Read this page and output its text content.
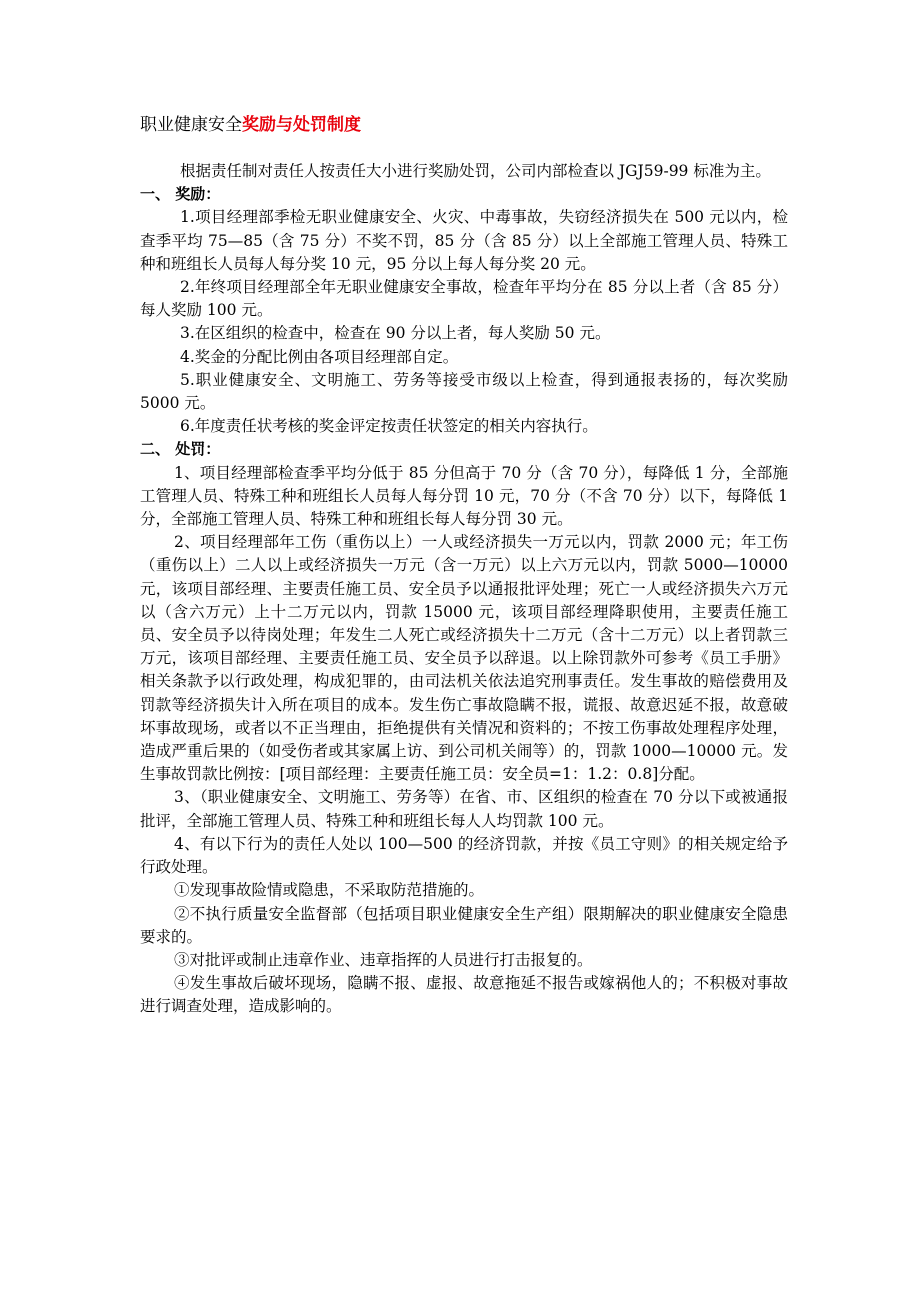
职业健康安全奖励与处罚制度

根据责任制对责任人按责任大小进行奖励处罚，公司内部检查以 JGJ59-99 标准为主。

一、 奖励：

1.项目经理部季检无职业健康安全、火灾、中毒事故，失窃经济损失在 500 元以内，检查季平均 75—85（含 75 分）不奖不罚，85 分（含 85 分）以上全部施工管理人员、特殊工种和班组长人员每人每分奖 10 元，95 分以上每人每分奖 20 元。

2.年终项目经理部全年无职业健康安全事故，检查年平均分在 85 分以上者（含 85 分）每人奖励 100 元。

3.在区组织的检查中，检查在 90 分以上者，每人奖励 50 元。

4.奖金的分配比例由各项目经理部自定。

5.职业健康安全、文明施工、劳务等接受市级以上检查，得到通报表扬的，每次奖励 5000 元。

6.年度责任状考核的奖金评定按责任状签定的相关内容执行。

二、 处罚：

1、项目经理部检查季平均分低于 85 分但高于 70 分（含 70 分），每降低 1 分，全部施工管理人员、特殊工种和班组长人员每人每分罚 10 元，70 分（不含 70 分）以下，每降低 1 分，全部施工管理人员、特殊工种和班组长每人每分罚 30 元。

2、项目经理部年工伤（重伤以上）一人或经济损失一万元以内，罚款 2000 元；年工伤（重伤以上）二人以上或经济损失一万元（含一万元）以上六万元以内，罚款 5000—10000 元，该项目部经理、主要责任施工员、安全员予以通报批评处理；死亡一人或经济损失六万元以（含六万元）上十二万元以内，罚款 15000 元，该项目部经理降职使用，主要责任施工员、安全员予以待岗处理；年发生二人死亡或经济损失十二万元（含十二万元）以上者罚款三万元，该项目部经理、主要责任施工员、安全员予以辞退。以上除罚款外可参考《员工手册》相关条款予以行政处理，构成犯罪的，由司法机关依法追究刑事责任。发生事故的赔偿费用及罚款等经济损失计入所在项目的成本。发生伤亡事故隐瞒不报，谎报、故意迟延不报，故意破坏事故现场，或者以不正当理由，拒绝提供有关情况和资料的；不按工伤事故处理程序处理，造成严重后果的（如受伤者或其家属上访、到公司机关闹等）的，罚款 1000—10000 元。发生事故罚款比例按：[项目部经理：主要责任施工员：安全员=1：1.2：0.8]分配。

3、（职业健康安全、文明施工、劳务等）在省、市、区组织的检查在 70 分以下或被通报批评，全部施工管理人员、特殊工种和班组长每人人均罚款 100 元。

4、有以下行为的责任人处以 100—500 的经济罚款，并按《员工守则》的相关规定给予行政处理。

①发现事故险情或隐患，不采取防范措施的。

②不执行质量安全监督部（包括项目职业健康安全生产组）限期解决的职业健康安全隐患要求的。

③对批评或制止违章作业、违章指挥的人员进行打击报复的。

④发生事故后破坏现场，隐瞒不报、虚报、故意拖延不报告或嫁祸他人的；不积极对事故进行调查处理，造成影响的。
